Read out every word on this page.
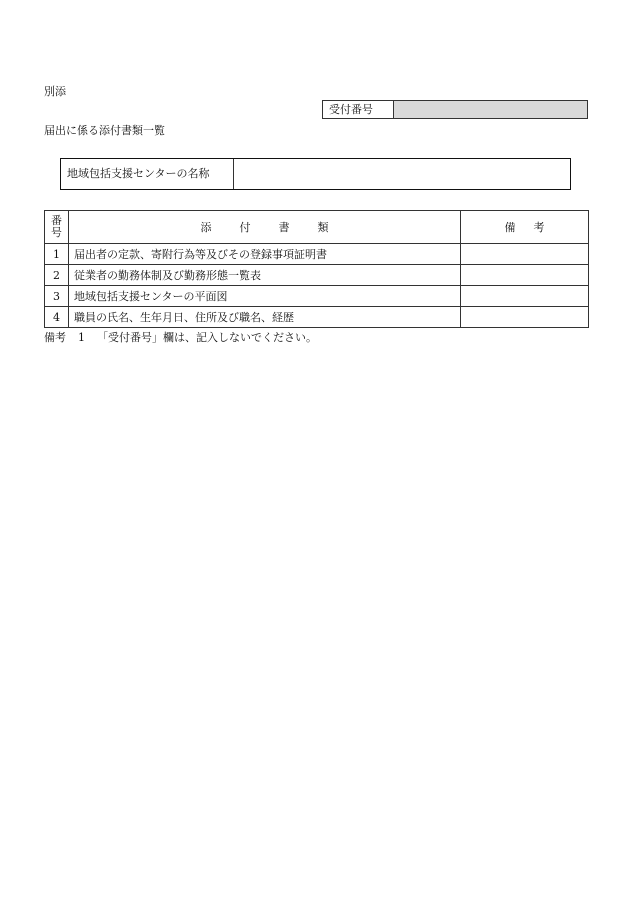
別添
受付番号
届出に係る添付書類一覧
地域包括支援センターの名称
番
号	添 付 書 類	備 考
1	届出者の定款、寄附行為等及びその登録事項証明書	
2	従業者の勤務体制及び勤務形態一覧表	
3	地域包括支援センターの平面図	
4	職員の氏名、生年月日、住所及び職名、経歴	
備考 1 「受付番号」欄は、記入しないでください。
